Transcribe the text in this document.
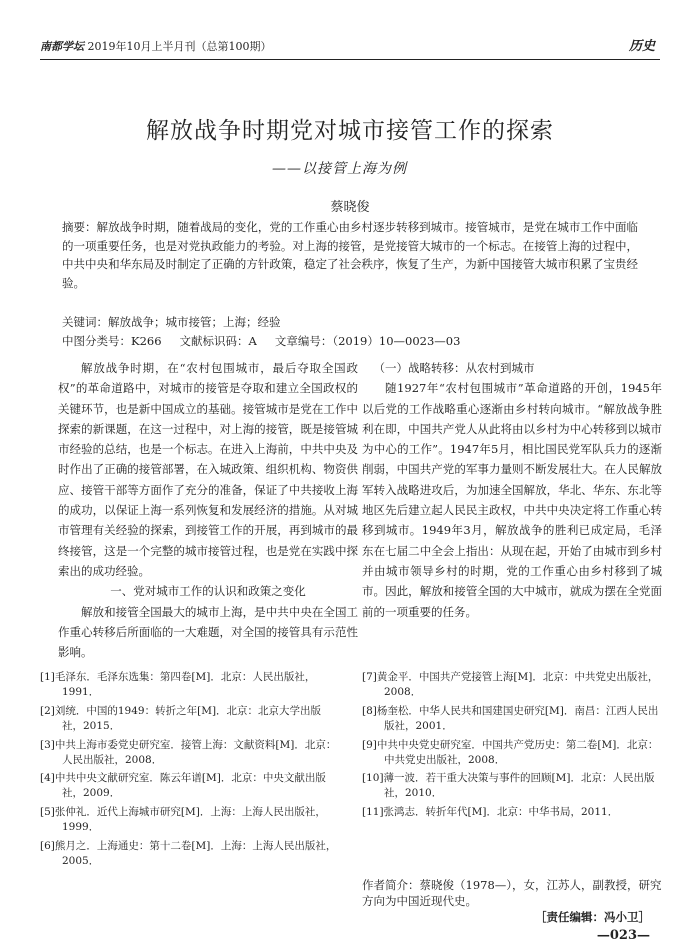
南都学坛 2019年10月上半月刊（总第100期）	历史
解放战争时期党对城市接管工作的探索
——以接管上海为例
蔡晓俊
摘要：解放战争时期，随着战局的变化，党的工作重心由乡村逐步转移到城市。接管城市，是党在城市工作中面临的一项重要任务，也是对党执政能力的考验。对上海的接管，是党接管大城市的一个标志。在接管上海的过程中，中共中央和华东局及时制定了正确的方针政策，稳定了社会秩序，恢复了生产，为新中国接管大城市积累了宝贵经验。
关键词：解放战争；城市接管；上海；经验
中图分类号：K266 文献标识码：A 文章编号：（2019）10—0023—03

解放战争时期，在“农村包围城市，最后夺取全国政权”的革命道路中，对城市的接管是夺取和建立全国政权的关键环节，也是新中国成立的基础。接管城市是党在工作中探索的新课题，在这一过程中，对上海的接管，既是接管城市经验的总结，也是一个标志。在进入上海前，中共中央及时作出了正确的接管部署，在入城政策、组织机构、物资供应、接管干部等方面作了充分的准备，保证了中共接收上海的成功，以保证上海一系列恢复和发展经济的措施。从对城市管理有关经验的探索，到接管工作的开展，再到城市的最终接管，这是一个完整的城市接管过程，也是党在实践中探索出的成功经验。

一、党对城市工作的认识和政策之变化

解放和接管全国最大的城市上海，是中共中央在全国工作重心转移后所面临的一大难题，对全国的接管具有示范性影响。

（一）战略转移：从农村到城市

随1927年“农村包围城市”革命道路的开创，1945年以后党的工作战略重心逐渐由乡村转向城市。“解放战争胜利在即，中国共产党人从此将由以乡村为中心转移到以城市为中心的工作”。1947年5月，相比国民党军队兵力的逐渐削弱，中国共产党的军事力量则不断发展壮大。在人民解放军转入战略进攻后，为加速全国解放，华北、华东、东北等地区先后建立起人民民主政权，中共中央决定将工作重心转移到城市。1949年3月，解放战争的胜利已成定局，毛泽东在七届二中全会上指出：从现在起，开始了由城市到乡村并由城市领导乡村的时期，党的工作重心由乡村移到了城市。因此，解放和接管全国的大中城市，就成为摆在全党面前的一项重要的任务。

[1]毛泽东．毛泽东选集：第四卷[M]．北京：人民出版社，1991．
[2]刘统．中国的1949：转折之年[M]．北京：北京大学出版社，2015．
[3]中共上海市委党史研究室．接管上海：文献资料[M]．北京：人民出版社，2008．
[4]中共中央文献研究室．陈云年谱[M]．北京：中央文献出版社，2009．
[5]张仲礼．近代上海城市研究[M]．上海：上海人民出版社，1999．
[6]熊月之．上海通史：第十二卷[M]．上海：上海人民出版社，2005．
[7]黄金平．中国共产党接管上海[M]．北京：中共党史出版社，2008．
[8]杨奎松．中华人民共和国建国史研究[M]．南昌：江西人民出版社，2001．
[9]中共中央党史研究室．中国共产党历史：第二卷[M]．北京：中共党史出版社，2008．
[10]薄一波．若干重大决策与事件的回顾[M]．北京：人民出版社，2010．
[11]张鸿志．转折年代[M]．北京：中华书局，2011．
作者简介：蔡晓俊（1978—），女，江苏人，副教授，研究方向为中国近现代史。
［责任编辑：冯小卫］
—023—
